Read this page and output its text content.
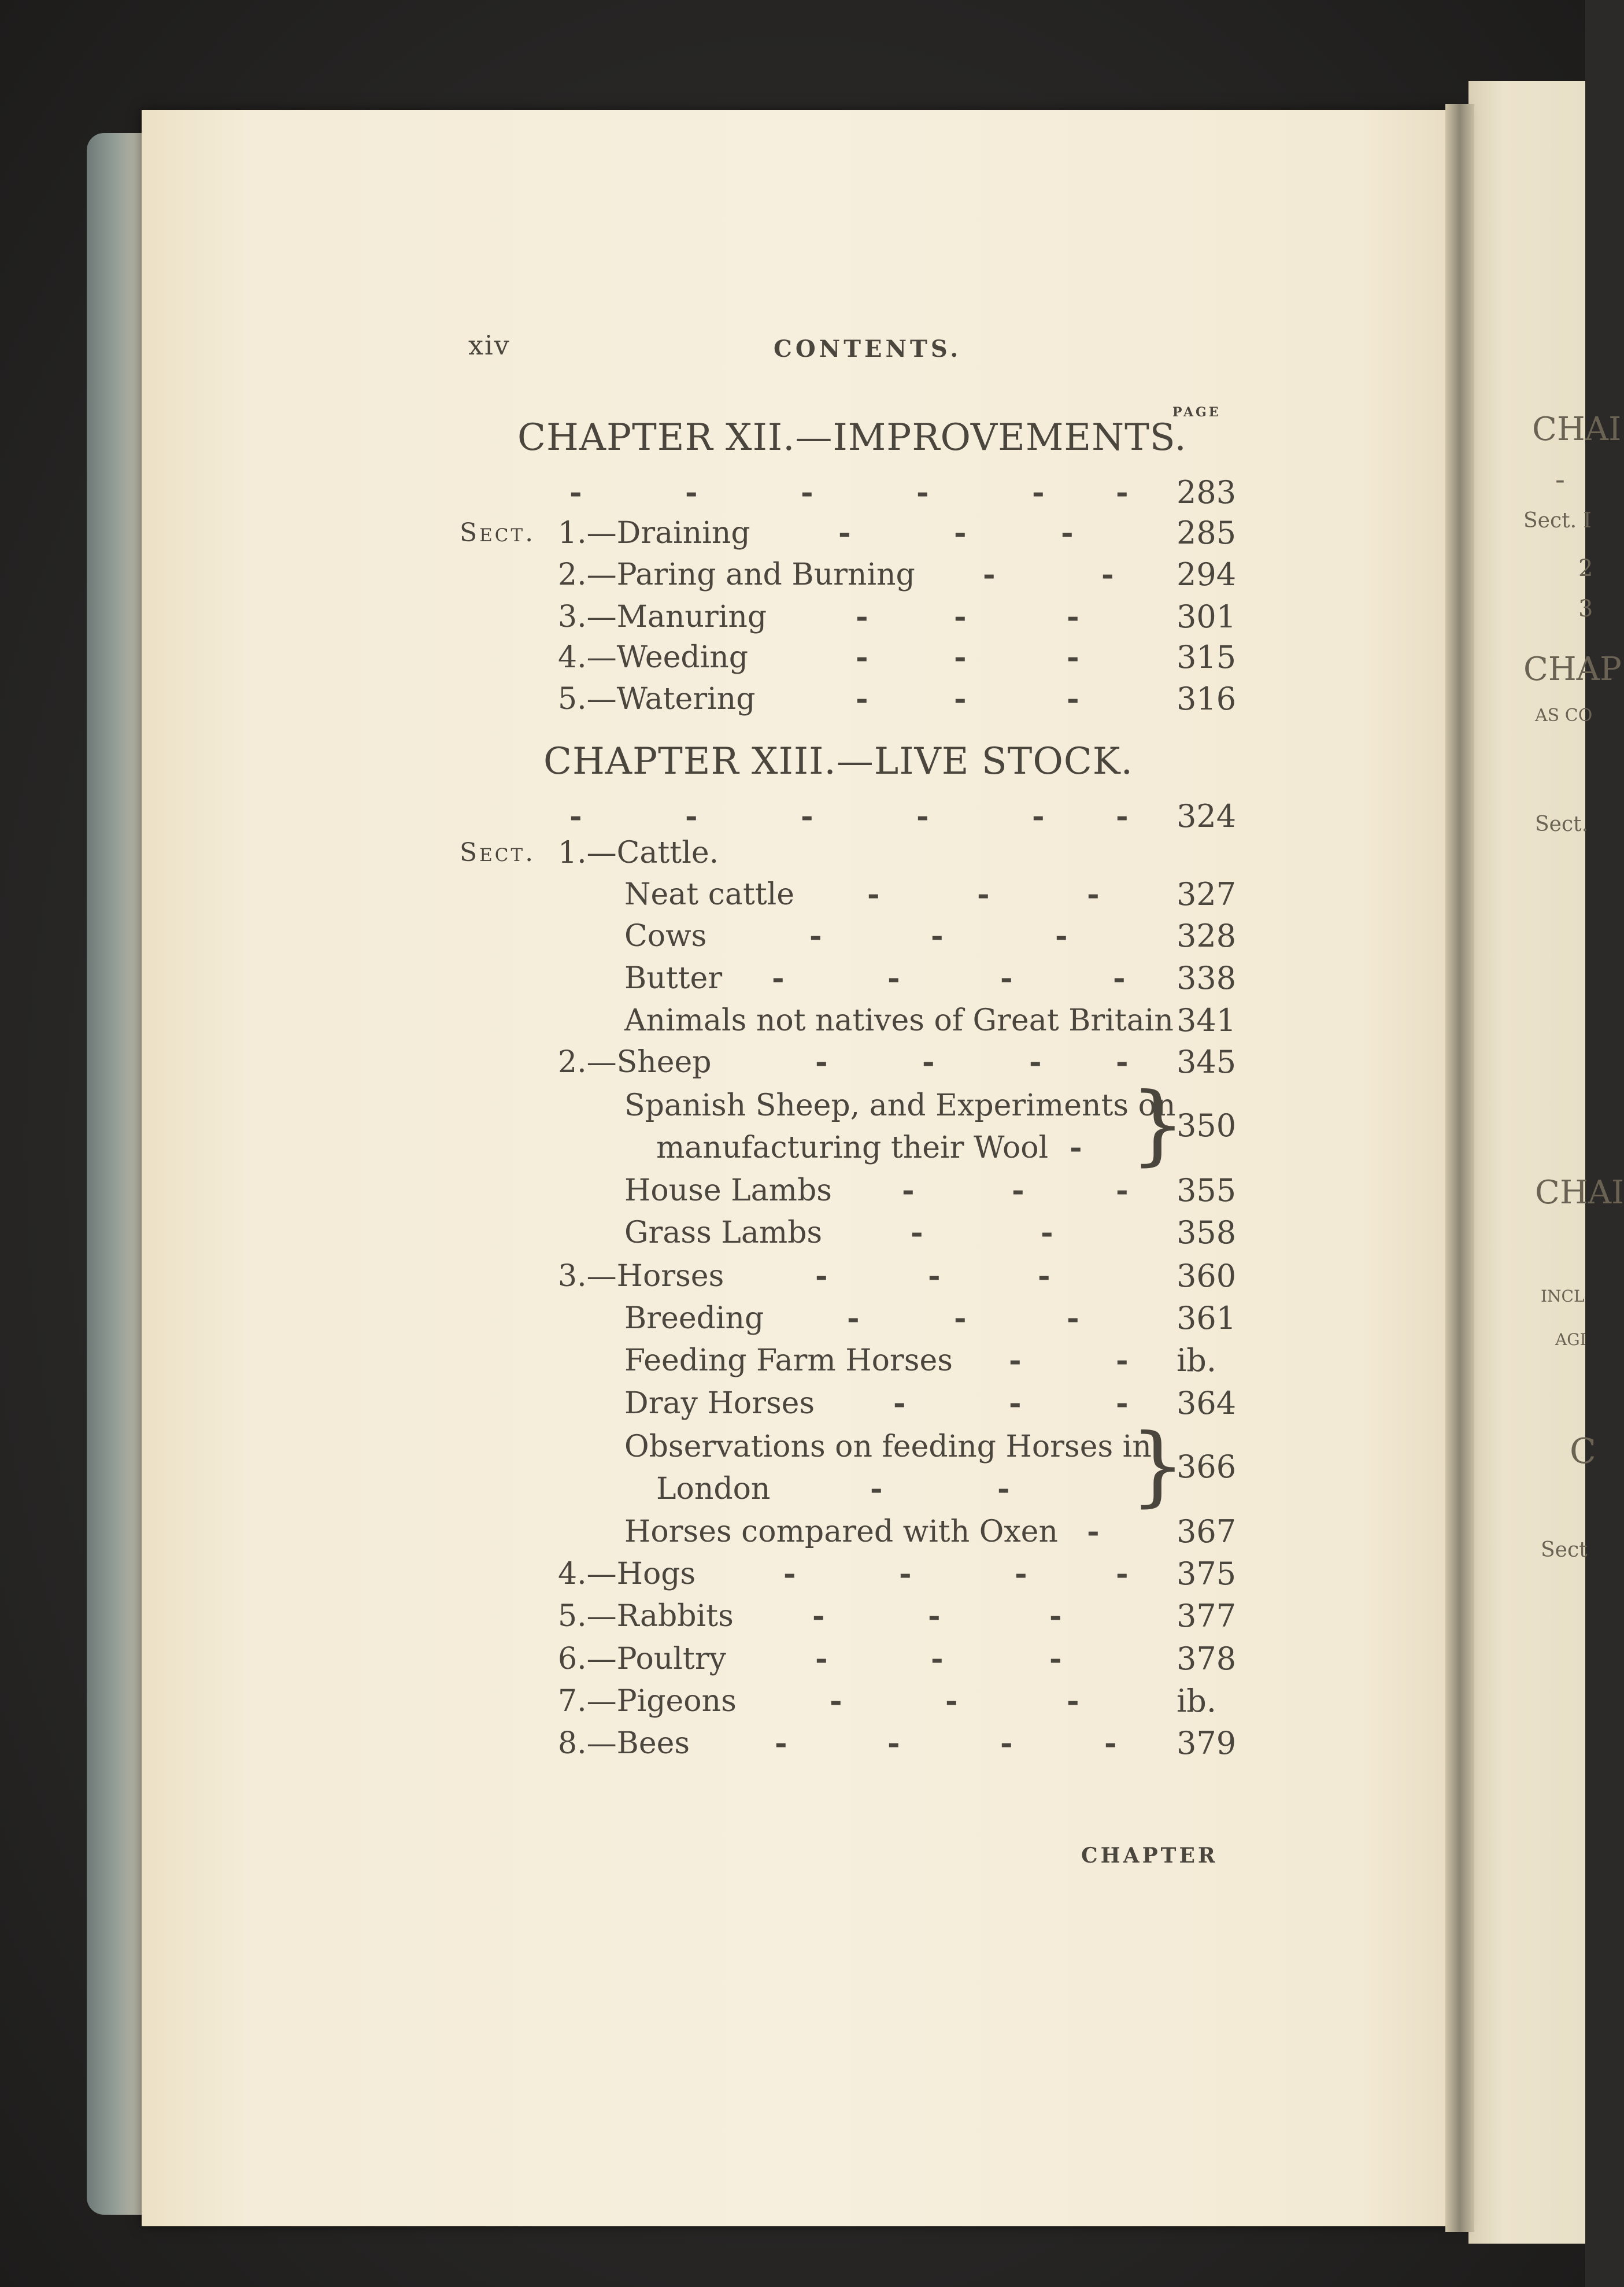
CHAI
-
Sect. I
2
3
CHAP
AS CO
Sect.
CHAI
INCL
AGI
C
Sect
xiv	CONTENTS.
PAGE
CHAPTER XII.—IMPROVEMENTS.
-	-	-	-	- - 283
Sect. 1.—Draining	-	-	-	285
2.—Paring and Burning -	- 294
3.—Manuring	-	-	-	301
4.—Weeding	-	-	-	315
5.—Watering	-	-	-	316
-	-	-	-	- - 324
Sect. 1.—Cattle.
Neat cattle -	-	- 327
Cows	-	-	-	328
Butter -	-	-	- 338
Animals not natives of Great Britain 341
2.—Sheep	-	-	- - 345
Spanish Sheep, and Experiments on
manufacturing their Wool -
350
}
House Lambs -	-	- 355
Grass Lambs	-	-	358
3.—Horses	-	-	-	360
Breeding	-	-	-	361
Feeding Farm Horses -	- ib.
Dray Horses	-	-	- 364
Observations on feeding Horses in
London	-	-
366
}
Horses compared with Oxen - 367
4.—Hogs	-	-	-	- 375
5.—Rabbits	-	-	-	377
6.—Poultry	-	-	-	378
7.—Pigeons	-	-	-	ib.
8.—Bees	-	-	-	- 379
CHAPTER XIII.—LIVE STOCK.
CHAPTER
